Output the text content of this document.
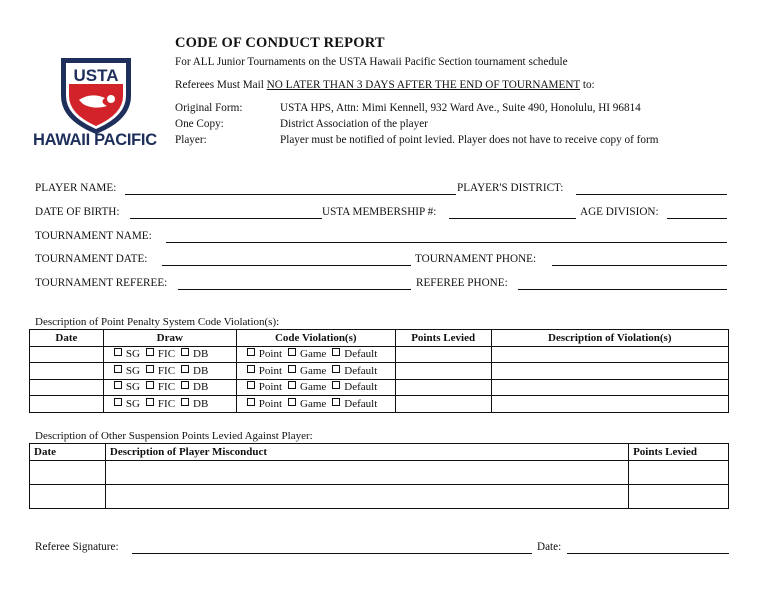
USTA
HAWAII PACIFIC
CODE OF CONDUCT REPORT
For ALL Junior Tournaments on the USTA Hawaii Pacific Section tournament schedule
Referees Must Mail NO LATER THAN 3 DAYS AFTER THE END OF TOURNAMENT to:
Original Form:	USTA HPS, Attn: Mimi Kennell, 932 Ward Ave., Suite 490, Honolulu, HI 96814
One Copy:	District Association of the player
Player:	Player must be notified of point levied. Player does not have to receive copy of form
PLAYER NAME:	PLAYER'S DISTRICT:
DATE OF BIRTH:	USTA MEMBERSHIP #:	AGE DIVISION:
TOURNAMENT NAME:
TOURNAMENT DATE:	TOURNAMENT PHONE:
TOURNAMENT REFEREE:	REFEREE PHONE:
Description of Point Penalty System Code Violation(s):
Date	Draw	Code Violation(s)	Points Levied	Description of Violation(s)
	SG FIC DB	Point Game Default		
	SG FIC DB	Point Game Default		
	SG FIC DB	Point Game Default		
	SG FIC DB	Point Game Default		
Description of Other Suspension Points Levied Against Player:
Date	Description of Player Misconduct	Points Levied

Referee Signature:	Date:
